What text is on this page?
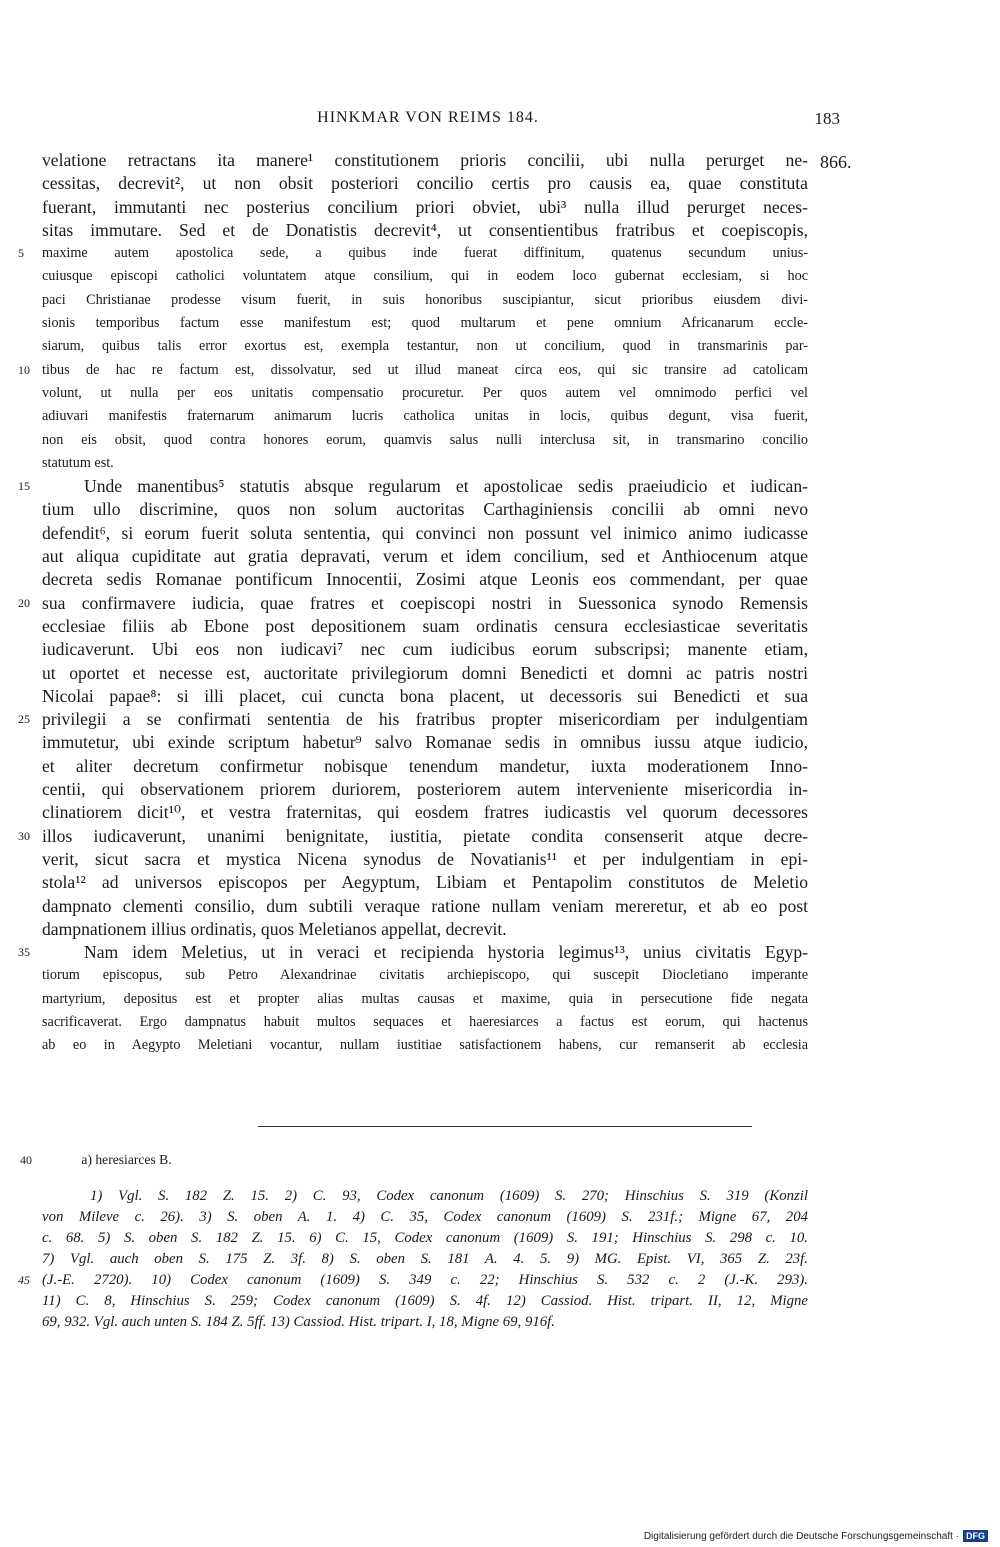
HINKMAR VON REIMS 184.	183
866.
velatione retractans ita manere¹ constitutionem prioris concilii, ubi nulla perurget ne-
cessitas, decrevit², ut non obsit posteriori concilio certis pro causis ea, quae constituta
fuerant, immutanti nec posterius concilium priori obviet, ubi³ nulla illud perurget neces-
sitas immutare. Sed et de Donatistis decrevit⁴, ut consentientibus fratribus et coepiscopis,
5	maxime autem apostolica sede, a quibus inde fuerat diffinitum, quatenus secundum unius-
cuiusque episcopi catholici voluntatem atque consilium, qui in eodem loco gubernat ecclesiam, si hoc
paci Christianae prodesse visum fuerit, in suis honoribus suscipiantur, sicut prioribus eiusdem divi-
sionis temporibus factum esse manifestum est; quod multarum et pene omnium Africanarum eccle-
siarum, quibus talis error exortus est, exempla testantur, non ut concilium, quod in transmarinis par-
10 tibus de hac re factum est, dissolvatur, sed ut illud maneat circa eos, qui sic transire ad catolicam
volunt, ut nulla per eos unitatis compensatio procuretur. Per quos autem vel omnimodo perfici vel
adiuvari manifestis fraternarum animarum lucris catholica unitas in locis, quibus degunt, visa fuerit,
non eis obsit, quod contra honores eorum, quamvis salus nulli interclusa sit, in transmarino concilio
statutum est.
15	Unde manentibus⁵ statutis absque regularum et apostolicae sedis praeiudicio et iudican-
tium ullo discrimine, quos non solum auctoritas Carthaginiensis concilii ab omni nevo
defendit⁶, si eorum fuerit soluta sententia, qui convinci non possunt vel inimico animo iudicasse
aut aliqua cupiditate aut gratia depravati, verum et idem concilium, sed et Anthiocenum atque
decreta sedis Romanae pontificum Innocentii, Zosimi atque Leonis eos commendant, per quae
20 sua confirmavere iudicia, quae fratres et coepiscopi nostri in Suessonica synodo Remensis
ecclesiae filiis ab Ebone post depositionem suam ordinatis censura ecclesiasticae severitatis
iudicaverunt. Ubi eos non iudicavi⁷ nec cum iudicibus eorum subscripsi; manente etiam,
ut oportet et necesse est, auctoritate privilegiorum domni Benedicti et domni ac patris nostri
Nicolai papae⁸: si illi placet, cui cuncta bona placent, ut decessoris sui Benedicti et sua
25 privilegii a se confirmati sententia de his fratribus propter misericordiam per indulgentiam
immutetur, ubi exinde scriptum habetur⁹ salvo Romanae sedis in omnibus iussu atque iudicio,
et aliter decretum confirmetur nobisque tenendum mandetur, iuxta moderationem Inno-
centii, qui observationem priorem duriorem, posteriorem autem interveniente misericordia in-
clinatiorem dicit¹⁰, et vestra fraternitas, qui eosdem fratres iudicastis vel quorum decessores
30 illos iudicaverunt, unanimi benignitate, iustitia, pietate condita consenserit atque decre-
verit, sicut sacra et mystica Nicena synodus de Novatianis¹¹ et per indulgentiam in epi-
stola¹² ad universos episcopos per Aegyptum, Libiam et Pentapolim constitutos de Meletio
dampnato clementi consilio, dum subtili veraque ratione nullam veniam mereretur, et ab eo post
dampnationem illius ordinatis, quos Meletianos appellat, decrevit.
35	Nam idem Meletius, ut in veraci et recipienda hystoria legimus¹³, unius civitatis Egyp-
tiorum episcopus, sub Petro Alexandrinae civitatis archiepiscopo, qui suscepit Diocletiano imperante
martyrium, depositus est et propter alias multas causas et maxime, quia in persecutione fide negata
sacrificaverat. Ergo dampnatus habuit multos sequaces et haeresiarces a factus est eorum, qui hactenus
ab eo in Aegypto Meletiani vocantur, nullam iustitiae satisfactionem habens, cur remanserit ab ecclesia
40	a) heresiarces B.
1) Vgl. S. 182 Z. 15. 2) C. 93, Codex canonum (1609) S. 270; Hinschius S. 319 (Konzil
von Mileve c. 26). 3) S. oben A. 1. 4) C. 35, Codex canonum (1609) S. 231f.; Migne 67, 204
c. 68. 5) S. oben S. 182 Z. 15. 6) C. 15, Codex canonum (1609) S. 191; Hinschius S. 298 c. 10.
7) Vgl. auch oben S. 175 Z. 3f. 8) S. oben S. 181 A. 4. 5. 9) MG. Epist. VI, 365 Z. 23f.
45 (J.-E. 2720). 10) Codex canonum (1609) S. 349 c. 22; Hinschius S. 532 c. 2 (J.-K. 293).
11) C. 8, Hinschius S. 259; Codex canonum (1609) S. 4f. 12) Cassiod. Hist. tripart. II, 12, Migne
69, 932. Vgl. auch unten S. 184 Z. 5ff. 13) Cassiod. Hist. tripart. I, 18, Migne 69, 916f.
Digitalisierung gefördert durch die Deutsche Forschungsgemeinschaft · DFG
